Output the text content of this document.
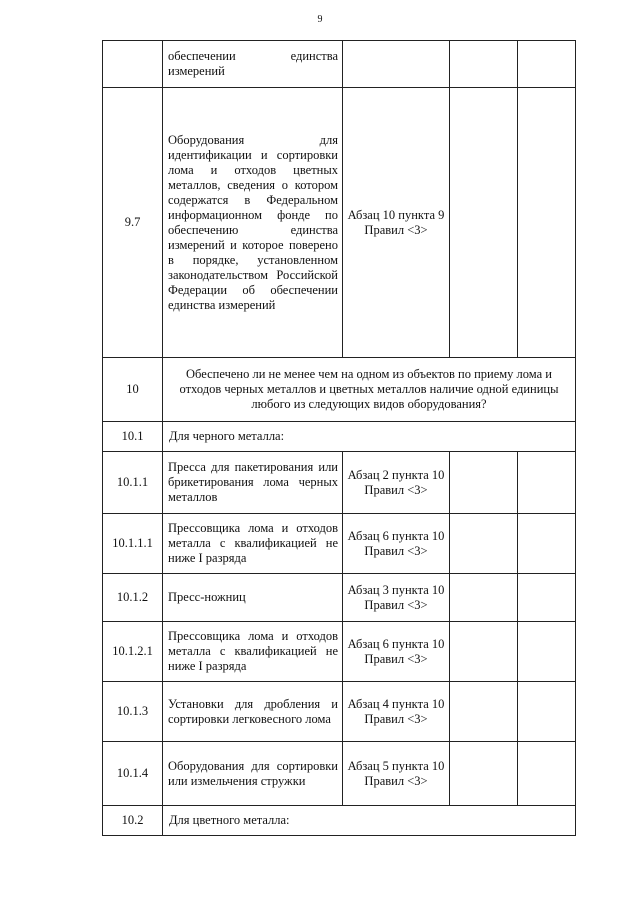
9
	обеспечении единства измерений			
9.7	Оборудования для идентификации и сортировки лома и отходов цветных металлов, сведения о котором содержатся в Федеральном информационном фонде по обеспечению единства измерений и которое поверено в порядке, установленном законодательством Российской Федерации об обеспечении единства измерений	Абзац 10 пункта 9 Правил <3>		
10	Обеспечено ли не менее чем на одном из объектов по приему лома и отходов черных металлов и цветных металлов наличие одной единицы любого из следующих видов оборудования?			
10.1	Для черного металла:			
10.1.1	Пресса для пакетирования или брикетирования лома черных металлов	Абзац 2 пункта 10 Правил <3>		
10.1.1.1	Прессовщика лома и отходов металла с квалификацией не ниже I разряда	Абзац 6 пункта 10 Правил <3>		
10.1.2	Пресс-ножниц	Абзац 3 пункта 10 Правил <3>		
10.1.2.1	Прессовщика лома и отходов металла с квалификацией не ниже I разряда	Абзац 6 пункта 10 Правил <3>		
10.1.3	Установки для дробления и сортировки легковесного лома	Абзац 4 пункта 10 Правил <3>		
10.1.4	Оборудования для сортировки или измельчения стружки	Абзац 5 пункта 10 Правил <3>		
10.2	Для цветного металла:			
